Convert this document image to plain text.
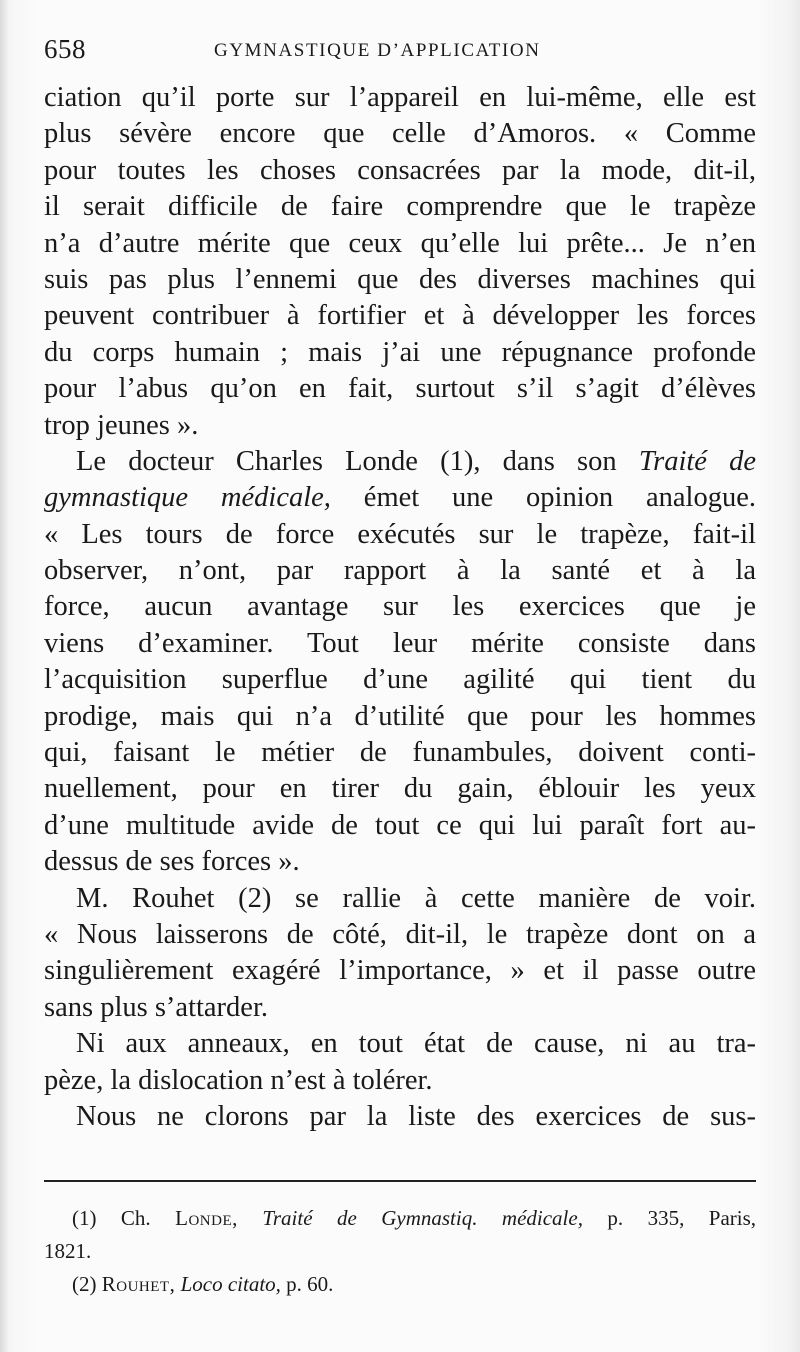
658	GYMNASTIQUE D’APPLICATION
ciation qu’il porte sur l’appareil en lui-même, elle est
plus sévère encore que celle d’Amoros. « Comme
pour toutes les choses consacrées par la mode, dit-il,
il serait difficile de faire comprendre que le trapèze
n’a d’autre mérite que ceux qu’elle lui prête... Je n’en
suis pas plus l’ennemi que des diverses machines qui
peuvent contribuer à fortifier et à développer les forces
du corps humain ; mais j’ai une répugnance profonde
pour l’abus qu’on en fait, surtout s’il s’agit d’élèves
trop jeunes ».
Le docteur Charles Londe (1), dans son Traité de
gymnastique médicale, émet une opinion analogue.
« Les tours de force exécutés sur le trapèze, fait-il
observer, n’ont, par rapport à la santé et à la
force, aucun avantage sur les exercices que je
viens d’examiner. Tout leur mérite consiste dans
l’acquisition superflue d’une agilité qui tient du
prodige, mais qui n’a d’utilité que pour les hommes
qui, faisant le métier de funambules, doivent conti-
nuellement, pour en tirer du gain, éblouir les yeux
d’une multitude avide de tout ce qui lui paraît fort au-
dessus de ses forces ».
M. Rouhet (2) se rallie à cette manière de voir.
« Nous laisserons de côté, dit-il, le trapèze dont on a
singulièrement exagéré l’importance, » et il passe outre
sans plus s’attarder.
Ni aux anneaux, en tout état de cause, ni au tra-
pèze, la dislocation n’est à tolérer.
Nous ne clorons par la liste des exercices de sus-
(1) Ch. Londe, Traité de Gymnastiq. médicale, p. 335, Paris,
1821.
(2) Rouhet, Loco citato, p. 60.
